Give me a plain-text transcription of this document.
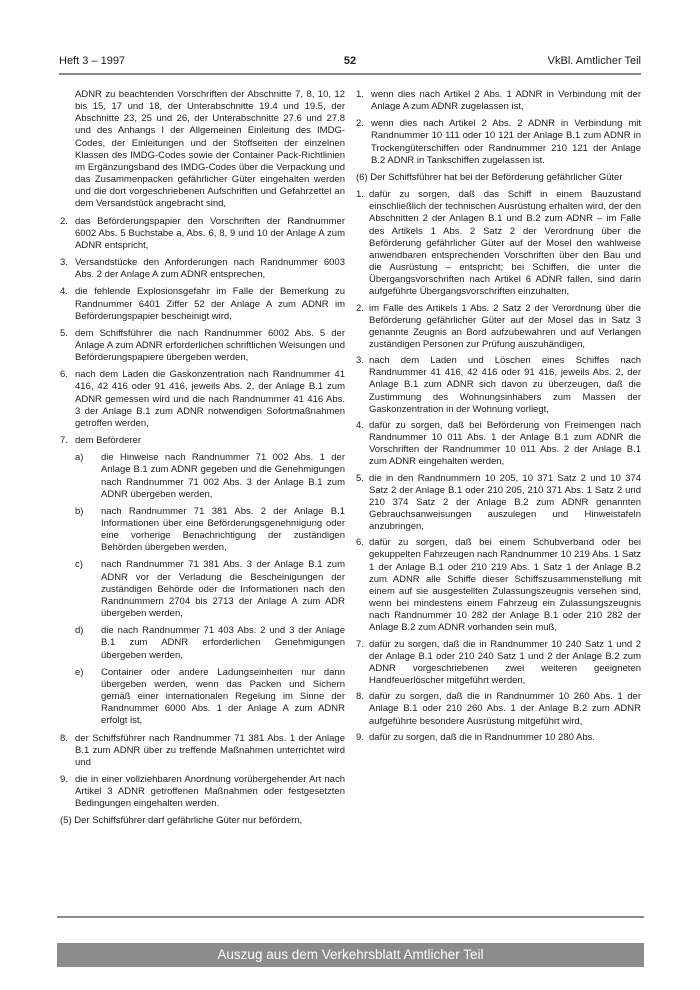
Heft 3 – 1997	52	VkBl. Amtlicher Teil
ADNR zu beachtenden Vorschriften der Abschnitte 7, 8, 10, 12 bis 15, 17 und 18, der Unterabschnitte 19.4 und 19.5, der Abschnitte 23, 25 und 26, der Unterabschnitte 27.6 und 27.8 und des Anhangs I der Allgemeinen Einleitung des IMDG-Codes, der Einleitungen und der Stoffseiten der einzelnen Klassen des IMDG-Codes sowie der Container Pack-Richtlinien im Ergänzungsband des IMDG-Codes über die Verpackung und das Zusammenpacken gefährlicher Güter eingehalten werden und die dort vorgeschriebenen Aufschriften und Gefahrzettel an dem Versandstück angebracht sind,
2. das Beförderungspapier den Vorschriften der Randnummer 6002 Abs. 5 Buchstabe a, Abs. 6, 8, 9 und 10 der Anlage A zum ADNR entspricht,
3. Versandstücke den Anforderungen nach Randnummer 6003 Abs. 2 der Anlage A zum ADNR entsprechen,
4. die fehlende Explosionsgefahr im Falle der Bemerkung zu Randnummer 6401 Ziffer 52 der Anlage A zum ADNR im Beförderungspapier bescheinigt wird,
5. dem Schiffsführer die nach Randnummer 6002 Abs. 5 der Anlage A zum ADNR erforderlichen schriftlichen Weisungen und Beförderungspapiere übergeben werden,
6. nach dem Laden die Gaskonzentration nach Randnummer 41 416, 42 416 oder 91 416, jeweils Abs. 2, der Anlage B.1 zum ADNR gemessen wird und die nach Randnummer 41 416 Abs. 3 der Anlage B.1 zum ADNR notwendigen Sofortmaßnahmen getroffen werden,
7. dem Beförderer
a)	die Hinweise nach Randnummer 71 002 Abs. 1 der Anlage B.1 zum ADNR gegeben und die Genehmigungen nach Randnummer 71 002 Abs. 3 der Anlage B.1 zum ADNR übergeben werden,
b)	nach Randnummer 71 381 Abs. 2 der Anlage B.1 Informationen über eine Beförderungsgenehmigung oder eine vorherige Benachrichtigung der zuständigen Behörden übergeben werden,
c)	nach Randnummer 71 381 Abs. 3 der Anlage B.1 zum ADNR vor der Verladung die Bescheinigungen der zuständigen Behörde oder die Informationen nach den Randnummern 2704 bis 2713 der Anlage A zum ADR übergeben werden,
d)	die nach Randnummer 71 403 Abs. 2 und 3 der Anlage B.1 zum ADNR erforderlichen Genehmigungen übergeben werden,
e)	Container oder andere Ladungseinheiten nur dann übergeben werden, wenn das Packen und Sichern gemäß einer internationalen Regelung im Sinne der Randnummer 6000 Abs. 1 der Anlage A zum ADNR erfolgt ist,
8. der Schiffsführer nach Randnummer 71 381 Abs. 1 der Anlage B.1 zum ADNR über zu treffende Maßnahmen unterrichtet wird und
9. die in einer vollziehbaren Anordnung vorübergehender Art nach Artikel 3 ADNR getroffenen Maßnahmen oder festgesetzten Bedingungen eingehalten werden.
(5) Der Schiffsführer darf gefährliche Güter nur befördern,
1. wenn dies nach Artikel 2 Abs. 1 ADNR in Verbindung mit der Anlage A zum ADNR zugelassen ist,
2. wenn dies nach Artikel 2 Abs. 2 ADNR in Verbindung mit Randnummer 10 111 oder 10 121 der Anlage B.1 zum ADNR in Trockengüterschiffen oder Randnummer 210 121 der Anlage B.2 ADNR in Tankschiffen zugelassen ist.
(6) Der Schiffsführer hat bei der Beförderung gefährlicher Güter
1. dafür zu sorgen, daß das Schiff in einem Bauzustand einschließlich der technischen Ausrüstung erhalten wird, der den Abschnitten 2 der Anlagen B.1 und B.2 zum ADNR – im Falle des Artikels 1 Abs. 2 Satz 2 der Verordnung über die Beförderung gefährlicher Güter auf der Mosel den wahlweise anwendbaren entsprechenden Vorschriften über den Bau und die Ausrüstung – entspricht; bei Schiffen, die unter die Übergangsvorschriften nach Artikel 6 ADNR fallen, sind darin aufgeführte Übergangsvorschriften einzuhalten,
2. im Falle des Artikels 1 Abs. 2 Satz 2 der Verordnung über die Beförderung gefährlicher Güter auf der Mosel das in Satz 3 genannte Zeugnis an Bord aufzubewahren und auf Verlangen zuständigen Personen zur Prüfung auszuhändigen,
3. nach dem Laden und Löschen eines Schiffes nach Randnummer 41 416, 42 416 oder 91 416, jeweils Abs. 2, der Anlage B.1 zum ADNR sich davon zu überzeugen, daß die Zustimmung des Wohnungsinhabers zum Massen der Gaskonzentration in der Wohnung vorliegt,
4. dafür zu sorgen, daß bei Beförderung von Freimengen nach Randnummer 10 011 Abs. 1 der Anlage B.1 zum ADNR die Vorschriften der Randnummer 10 011 Abs. 2 der Anlage B.1 zum ADNR eingehalten werden,
5. die in den Randnummern 10 205, 10 371 Satz 2 und 10 374 Satz 2 der Anlage B.1 oder 210 205, 210 371 Abs. 1 Satz 2 und 210 374 Satz 2 der Anlage B.2 zum ADNR genannten Gebrauchsanweisungen auszulegen und Hinweistafeln anzubringen,
6. dafür zu sorgen, daß bei einem Schubverband oder bei gekuppelten Fahrzeugen nach Randnummer 10 219 Abs. 1 Satz 1 der Anlage B.1 oder 210 219 Abs. 1 Satz 1 der Anlage B.2 zum ADNR alle Schiffe dieser Schiffszusammenstellung mit einem auf sie ausgestellten Zulassungszeugnis versehen sind, wenn bei mindestens einem Fahrzeug ein Zulassungszeugnis nach Randnummer 10 282 der Anlage B.1 oder 210 282 der Anlage B.2 zum ADNR vorhanden sein muß,
7. dafür zu sorgen, daß die in Randnummer 10 240 Satz 1 und 2 der Anlage B.1 oder 210 240 Satz 1 und 2 der Anlage B.2 zum ADNR vorgeschriebenen zwei weiteren geeigneten Handfeuerlöscher mitgeführt werden,
8. dafür zu sorgen, daß die in Randnummer 10 260 Abs. 1 der Anlage B.1 oder 210 260 Abs. 1 der Anlage B.2 zum ADNR aufgeführte besondere Ausrüstung mitgeführt wird,
9. dafür zu sorgen, daß die in Randnummer 10 280 Abs.
Auszug aus dem Verkehrsblatt Amtlicher Teil
